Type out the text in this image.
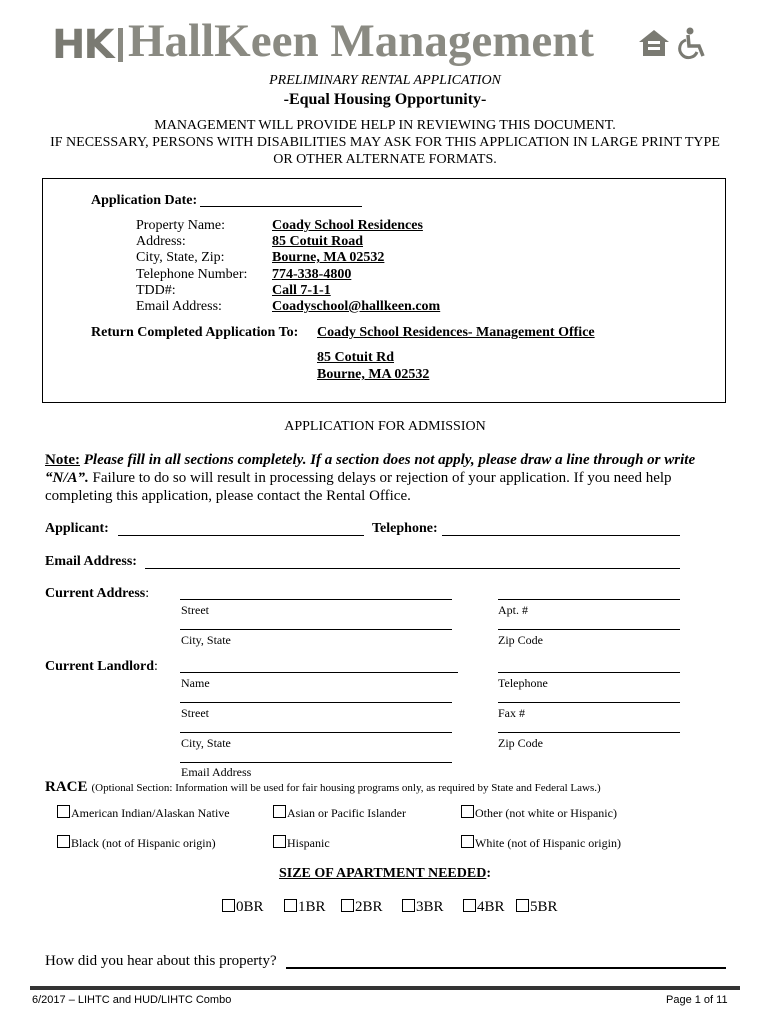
HK HallKeen Management
PRELIMINARY RENTAL APPLICATION
-Equal Housing Opportunity-
MANAGEMENT WILL PROVIDE HELP IN REVIEWING THIS DOCUMENT.
IF NECESSARY, PERSONS WITH DISABILITIES MAY ASK FOR THIS APPLICATION IN LARGE PRINT TYPE
OR OTHER ALTERNATE FORMATS.
Application Date:
Property Name:	Coady School Residences
Address:	85 Cotuit Road
City, State, Zip:	Bourne, MA 02532
Telephone Number: 774-338-4800
TDD#:	Call 7-1-1
Email Address:	Coadyschool@hallkeen.com
Return Completed Application To: Coady School Residences- Management Office
85 Cotuit Rd
Bourne, MA 02532
APPLICATION FOR ADMISSION
Note: Please fill in all sections completely. If a section does not apply, please draw a line through or write “N/A”. Failure to do so will result in processing delays or rejection of your application. If you need help completing this application, please contact the Rental Office.
Applicant:	Telephone:
Email Address:
Current Address:
Street	Apt. #
City, State	Zip Code
Current Landlord:
Name	Telephone
Street	Fax #
City, State	Zip Code
Email Address
RACE (Optional Section: Information will be used for fair housing programs only, as required by State and Federal Laws.)
American Indian/Alaskan Native	Asian or Pacific Islander	Other (not white or Hispanic)
Black (not of Hispanic origin)	Hispanic	White (not of Hispanic origin)
SIZE OF APARTMENT NEEDED:
0BR	1BR	2BR	3BR	4BR	5BR
How did you hear about this property?
6/2017 – LIHTC and HUD/LIHTC Combo	Page 1 of 11
